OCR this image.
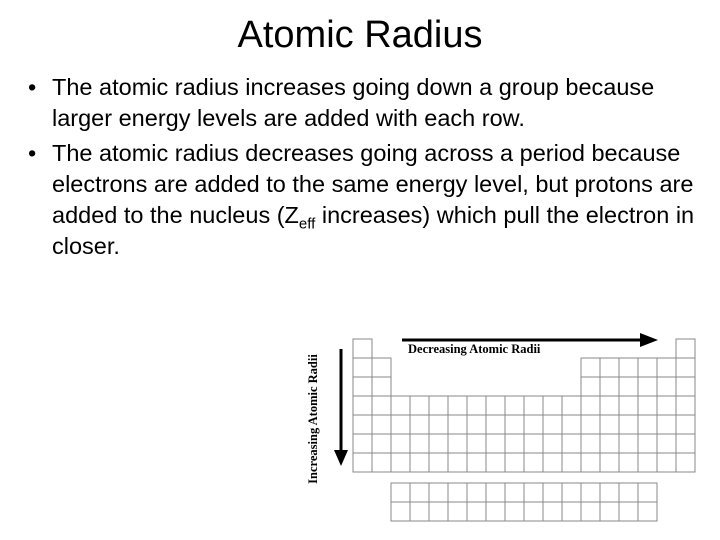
Atomic Radius
• The atomic radius increases going down a group because larger energy levels are added with each row.
• The atomic radius decreases going across a period because electrons are added to the same energy level, but protons are added to the nucleus ($Z_{eff}$ increases) which pull the electron in closer.
Increasing Atomic Radii
Decreasing Atomic Radii
